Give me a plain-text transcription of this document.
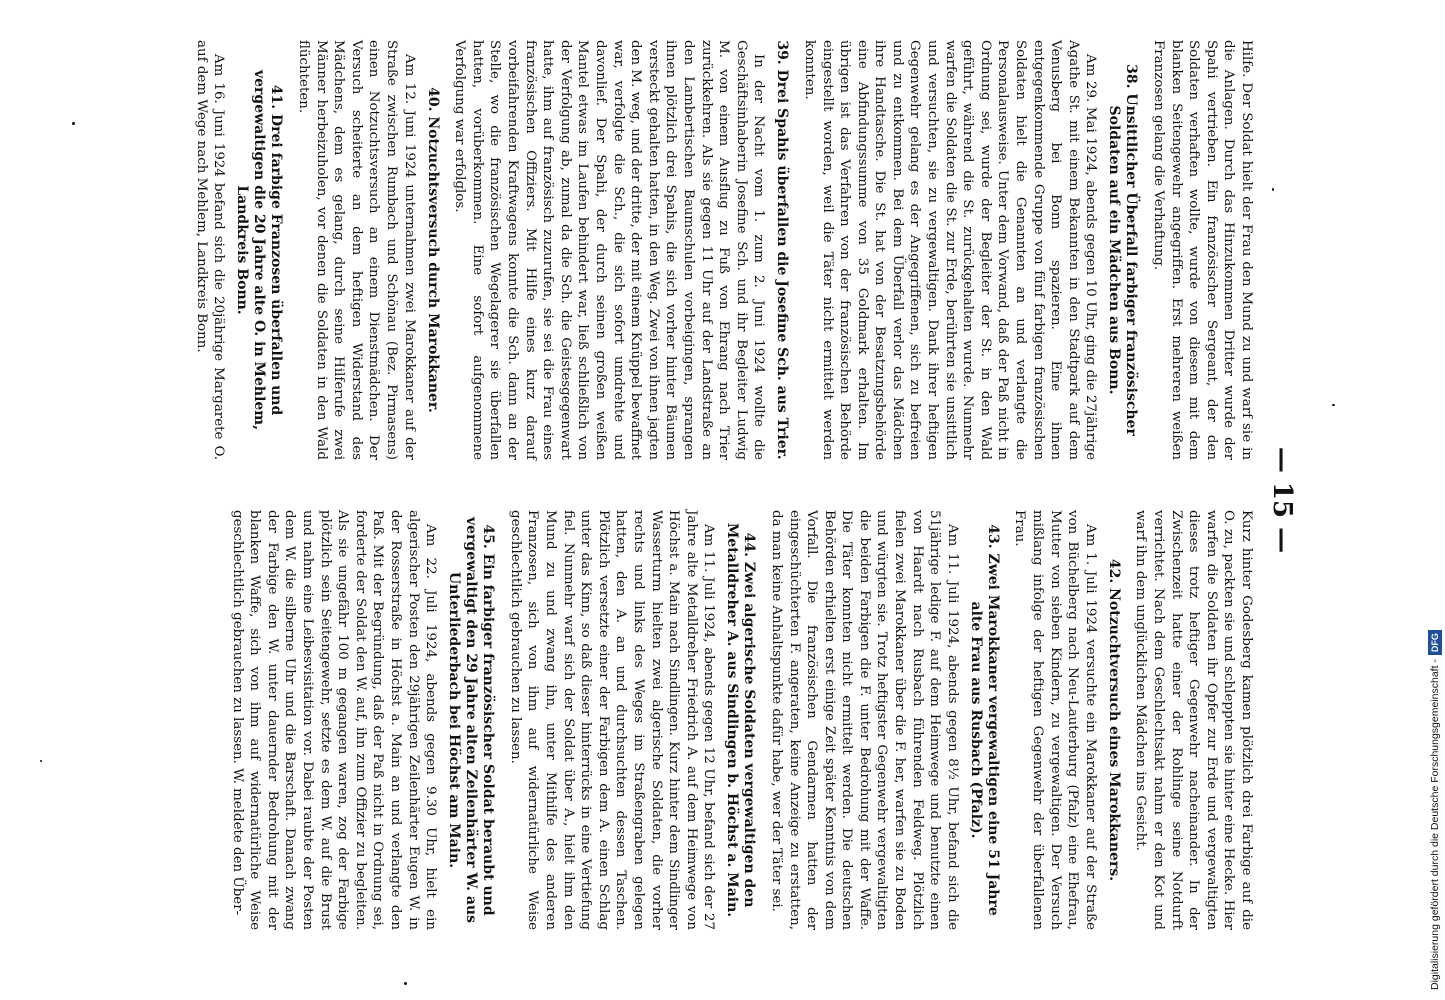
— 15 —

Hilfe. Der Soldat hielt der Frau den Mund zu und warf sie in die Anlagen. Durch das Hinzukommen Dritter wurde der Spahi vertrieben. Ein französischer Sergeant, der den Soldaten verhaften wollte, wurde von diesem mit dem blanken Seitengewehr angegriffen. Erst mehreren weißen Franzosen gelang die Verhaftung.

38. Unsittlicher Überfall farbiger französischer Soldaten auf ein Mädchen aus Bonn.

Am 29. Mai 1924, abends gegen 10 Uhr, ging die 27jährige Agathe St. mit einem Bekannten in den Stadtpark auf dem Venusberg bei Bonn spazieren. Eine ihnen entgegenkommende Gruppe von fünf farbigen französischen Soldaten hielt die Genannten an und verlangte die Personalausweise. Unter dem Vorwand, daß der Paß nicht in Ordnung sei, wurde der Begleiter der St. in den Wald geführt, während die St. zurückgehalten wurde. Nunmehr warfen die Soldaten die St. zur Erde, berührten sie unsittlich und versuchten, sie zu vergewaltigen. Dank ihrer heftigen Gegenwehr gelang es der Angegriffenen, sich zu befreien und zu entkommen. Bei dem Überfall verlor das Mädchen ihre Handtasche. Die St. hat von der Besatzungsbehörde eine Abfindungssumme von 35 Goldmark erhalten. Im übrigen ist das Verfahren von der französischen Behörde eingestellt worden, weil die Täter nicht ermittelt werden konnten.

39. Drei Spahis überfallen die Josefine Sch. aus Trier.

In der Nacht vom 1. zum 2. Juni 1924 wollte die Geschäftsinhaberin Josefine Sch. und ihr Begleiter Ludwig M. von einem Ausflug zu Fuß von Ehrang nach Trier zurückkehren. Als sie gegen 11 Uhr auf der Landstraße an den Lambertischen Baumschulen vorbeigingen, sprangen ihnen plötzlich drei Spahis, die sich vorher hinter Bäumen versteckt gehalten hatten, in den Weg. Zwei von ihnen jagten den M. weg, und der dritte, der mit einem Knüppel bewaffnet war, verfolgte die Sch., die sich sofort umdrehte und davonlief. Der Spahi, der durch seinen großen weißen Mantel etwas im Laufen behindert war, ließ schließlich von der Verfolgung ab, zumal da die Sch. die Geistesgegenwart hatte, ihm auf französisch zuzurufen, sie sei die Frau eines französischen Offiziers. Mit Hilfe eines kurz darauf vorbeifahrenden Kraftwagens konnte die Sch. dann an der Stelle, wo die französischen Wegelagerer sie überfallen hatten, vorüberkommen. Eine sofort aufgenommene Verfolgung war erfolglos.

40. Notzuchtsversuch durch Marokkaner.

Am 12. Juni 1924 unternahmen zwei Marokkaner auf der Straße zwischen Rumbach und Schönau (Bez. Pirmasens) einen Notzuchtsversuch an einem Dienstmädchen. Der Versuch scheiterte an dem heftigen Widerstand des Mädchens, dem es gelang, durch seine Hilferufe zwei Männer herbeizuholen, vor denen die Soldaten in den Wald flüchteten.

41. Drei farbige Franzosen überfallen und vergewaltigen die 20 Jahre alte O. in Mehlem, Landkreis Bonn.

Am 16. Juni 1924 befand sich die 20jährige Margarete O. auf dem Wege nach Mehlem, Landkreis Bonn.

Kurz hinter Godesberg kamen plötzlich drei Farbige auf die O. zu, packten sie und schleppten sie hinter eine Hecke. Hier warfen die Soldaten ihr Opfer zur Erde und vergewaltigten dieses trotz heftiger Gegenwehr nacheinander. In der Zwischenzeit hatte einer der Rohlinge seine Notdurft verrichtet. Nach dem Geschlechtsakt nahm er den Kot und warf ihn dem unglücklichen Mädchen ins Gesicht.

42. Notzuchtversuch eines Marokkaners.

Am 1. Juli 1924 versuchte ein Marokkaner auf der Straße von Büchelberg nach Neu-Lauterburg (Pfalz) eine Ehefrau, Mutter von sieben Kindern, zu vergewaltigen. Der Versuch mißlang infolge der heftigen Gegenwehr der überfallenen Frau.

43. Zwei Marokkaner vergewaltigen eine 51 Jahre alte Frau aus Rusbach (Pfalz).

Am 11. Juli 1924, abends gegen 8½ Uhr, befand sich die 51jährige ledige F. auf dem Heimwege und benutzte einen von Haardt nach Rusbach führenden Feldweg. Plötzlich fielen zwei Marokkaner über die F. her, warfen sie zu Boden und würgten sie. Trotz heftigster Gegenwehr vergewaltigten die beiden Farbigen die F. unter Bedrohung mit der Waffe. Die Täter konnten nicht ermittelt werden. Die deutschen Behörden erhielten erst einige Zeit später Kenntnis von dem Vorfall. Die französischen Gendarmen hatten der eingeschüchterten F. angeraten, keine Anzeige zu erstatten, da man keine Anhaltspunkte dafür habe, wer der Täter sei.

44. Zwei algerische Soldaten vergewaltigen den Metalldreher A. aus Sindlingen b. Höchst a. Main.

Am 11. Juli 1924, abends gegen 12 Uhr, befand sich der 27 Jahre alte Metalldreher Friedrich A. auf dem Heimwege von Höchst a. Main nach Sindlingen. Kurz hinter dem Sindlinger Wasserturm hielten zwei algerische Soldaten, die vorher rechts und links des Weges im Straßengraben gelegen hatten, den A. an und durchsuchten dessen Taschen. Plötzlich versetzte einer der Farbigen dem A. einen Schlag unter das Kinn, so daß dieser hinterrücks in eine Vertiefung fiel. Nunmehr warf sich der Soldat über A., hielt ihm den Mund zu und zwang ihn, unter Mithilfe des anderen Franzosen, sich von ihm auf widernatürliche Weise geschlechtlich gebrauchen zu lassen.

45. Ein farbiger französischer Soldat beraubt und vergewaltigt den 29 Jahre alten Zeilenhärter W. aus Unterliederbach bei Höchst am Main.

Am 22. Juli 1924, abends gegen 9.30 Uhr, hielt ein algerischer Posten den 29jährigen Zeilenhärter Eugen W. in der Rosserstraße in Höchst a. Main an und verlangte den Paß. Mit der Begründung, daß der Paß nicht in Ordnung sei, forderte der Soldat den W. auf, ihn zum Offizier zu begleiten. Als sie ungefähr 100 m gegangen waren, zog der Farbige plötzlich sein Seitengewehr, setzte es dem W. auf die Brust und nahm eine Leibesvisitation vor. Dabei raubte der Posten dem W. die silberne Uhr und die Barschaft. Danach zwang der Farbige den W. unter dauernder Bedrohung mit der blanken Waffe, sich von ihm auf widernatürliche Weise geschlechtlich gebrauchen zu lassen. W. meldete den Über-	Digitalisierung gefördert durch die Deutsche Forschungsgemeinschaft -DFG
